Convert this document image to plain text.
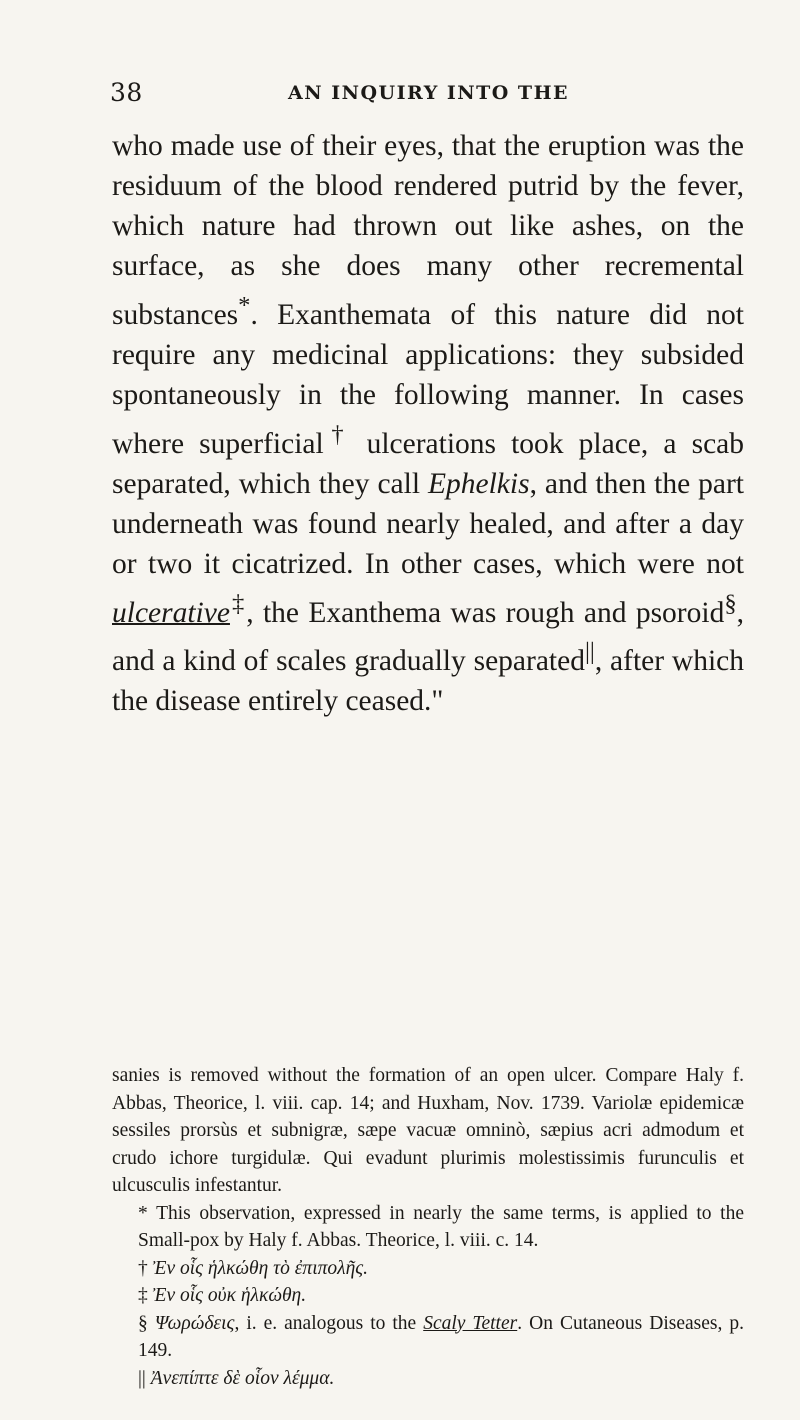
38	AN INQUIRY INTO THE

who made use of their eyes, that the eruption was the residuum of the blood rendered putrid by the fever, which nature had thrown out like ashes, on the surface, as she does many other recremental substances*. Exanthemata of this nature did not require any medicinal applications: they subsided spontaneously in the following manner. In cases where superficial† ulcerations took place, a scab separated, which they call Ephelkis, and then the part underneath was found nearly healed, and after a day or two it cicatrized. In other cases, which were not ulcerative‡, the Exanthema was rough and psoroid§, and a kind of scales gradually separated||, after which the disease entirely ceased."

sanies is removed without the formation of an open ulcer. Compare Haly f. Abbas, Theorice, l. viii. cap. 14; and Huxham, Nov. 1739. Variolæ epidemicæ sessiles prorsùs et subnigræ, sæpe vacuæ omninò, sæpius acri admodum et crudo ichore turgidulæ. Qui evadunt plurimis molestissimis furunculis et ulcusculis infestantur.

* This observation, expressed in nearly the same terms, is applied to the Small-pox by Haly f. Abbas. Theorice, l. viii. c. 14.

† Ἐν οἷς ἡλκώθη τὸ ἐπιπολῆς.

‡ Ἐν οἷς οὐκ ἡλκώθη.

§ Ψωρώδεις, i. e. analogous to the Scaly Tetter. On Cutaneous Diseases, p. 149.

|| Ἀνεπίπτε δὲ οἷον λέμμα.
